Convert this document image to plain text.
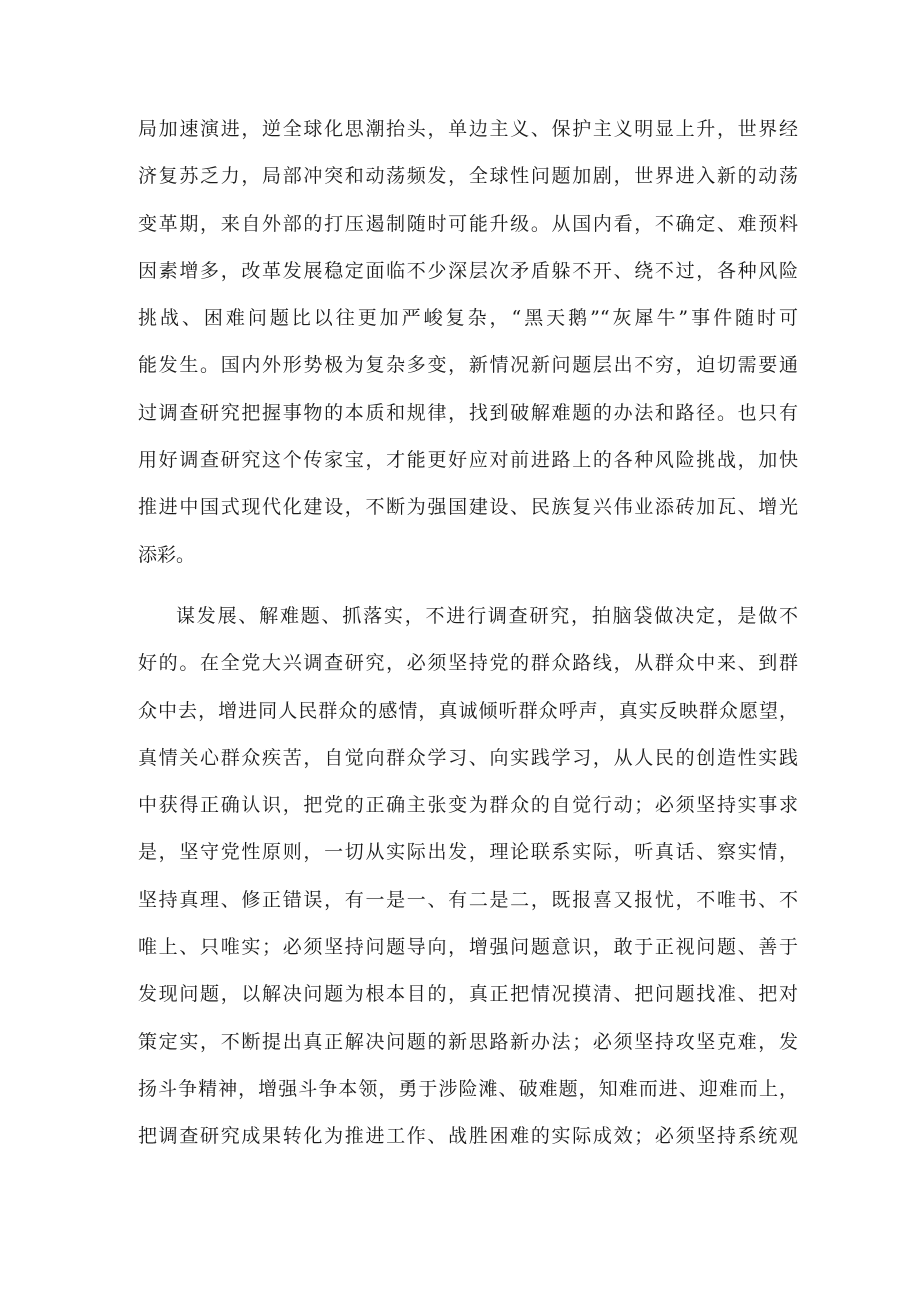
局加速演进，逆全球化思潮抬头，单边主义、保护主义明显上升，世界经
济复苏乏力，局部冲突和动荡频发，全球性问题加剧，世界进入新的动荡
变革期，来自外部的打压遏制随时可能升级。从国内看，不确定、难预料
因素增多，改革发展稳定面临不少深层次矛盾躲不开、绕不过，各种风险
挑战、困难问题比以往更加严峻复杂，“黑天鹅”“灰犀牛”事件随时可
能发生。国内外形势极为复杂多变，新情况新问题层出不穷，迫切需要通
过调查研究把握事物的本质和规律，找到破解难题的办法和路径。也只有
用好调查研究这个传家宝，才能更好应对前进路上的各种风险挑战，加快
推进中国式现代化建设，不断为强国建设、民族复兴伟业添砖加瓦、增光
添彩。
谋发展、解难题、抓落实，不进行调查研究，拍脑袋做决定，是做不
好的。在全党大兴调查研究，必须坚持党的群众路线，从群众中来、到群
众中去，增进同人民群众的感情，真诚倾听群众呼声，真实反映群众愿望，
真情关心群众疾苦，自觉向群众学习、向实践学习，从人民的创造性实践
中获得正确认识，把党的正确主张变为群众的自觉行动；必须坚持实事求
是，坚守党性原则，一切从实际出发，理论联系实际，听真话、察实情，
坚持真理、修正错误，有一是一、有二是二，既报喜又报忧，不唯书、不
唯上、只唯实；必须坚持问题导向，增强问题意识，敢于正视问题、善于
发现问题，以解决问题为根本目的，真正把情况摸清、把问题找准、把对
策定实，不断提出真正解决问题的新思路新办法；必须坚持攻坚克难，发
扬斗争精神，增强斗争本领，勇于涉险滩、破难题，知难而进、迎难而上，
把调查研究成果转化为推进工作、战胜困难的实际成效；必须坚持系统观
